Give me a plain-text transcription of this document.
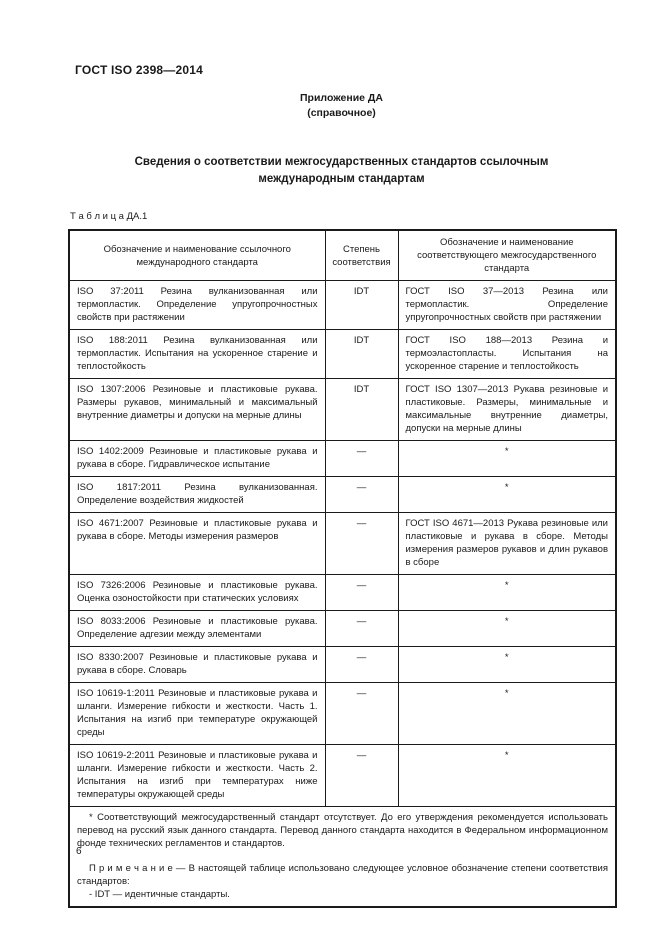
ГОСТ ISO 2398—2014
Приложение ДА
(справочное)
Сведения о соответствии межгосударственных стандартов ссылочным
международным стандартам
Т а б л и ц а ДА.1
Обозначение и наименование ссылочного международного стандарта	Степень соответствия	Обозначение и наименование соответствующего межгосударственного стандарта
ISO 37:2011 Резина вулканизованная или термопластик. Определение упругопрочностных свойств при растяжении	IDT	ГОСТ ISO 37—2013 Резина или термопластик. Определение упругопрочностных свойств при растяжении
ISO 188:2011 Резина вулканизованная или термопластик. Испытания на ускоренное старение и теплостойкость	IDT	ГОСТ ISO 188—2013 Резина и термоэластопласты. Испытания на ускоренное старение и теплостойкость
ISO 1307:2006 Резиновые и пластиковые рукава. Размеры рукавов, минимальный и максимальный внутренние диаметры и допуски на мерные длины	IDT	ГОСТ ISO 1307—2013 Рукава резиновые и пластиковые. Размеры, минимальные и максимальные внутренние диаметры, допуски на мерные длины
ISO 1402:2009 Резиновые и пластиковые рукава и рукава в сборе. Гидравлическое испытание	—	*
ISO 1817:2011 Резина вулканизованная. Определение воздействия жидкостей	—	*
ISO 4671:2007 Резиновые и пластиковые рукава и рукава в сборе. Методы измерения размеров	—	ГОСТ ISO 4671—2013 Рукава резиновые или пластиковые и рукава в сборе. Методы измерения размеров рукавов и длин рукавов в сборе
ISO 7326:2006 Резиновые и пластиковые рукава. Оценка озоностойкости при статических условиях	—	*
ISO 8033:2006 Резиновые и пластиковые рукава. Определение адгезии между элементами	—	*
ISO 8330:2007 Резиновые и пластиковые рукава и рукава в сборе. Словарь	—	*
ISO 10619-1:2011 Резиновые и пластиковые рукава и шланги. Измерение гибкости и жесткости. Часть 1. Испытания на изгиб при температуре окружающей среды	—	*
ISO 10619-2:2011 Резиновые и пластиковые рукава и шланги. Измерение гибкости и жесткости. Часть 2. Испытания на изгиб при температурах ниже температуры окружающей среды	—	*

* Соответствующий межгосударственный стандарт отсутствует. До его утверждения рекомендуется использовать перевод на русский язык данного стандарта. Перевод данного стандарта находится в Федеральном информационном фонде технических регламентов и стандартов.

П р и м е ч а н и е — В настоящей таблице использовано следующее условное обозначение степени соответствия стандартов:

- IDT — идентичные стандарты.		

6
